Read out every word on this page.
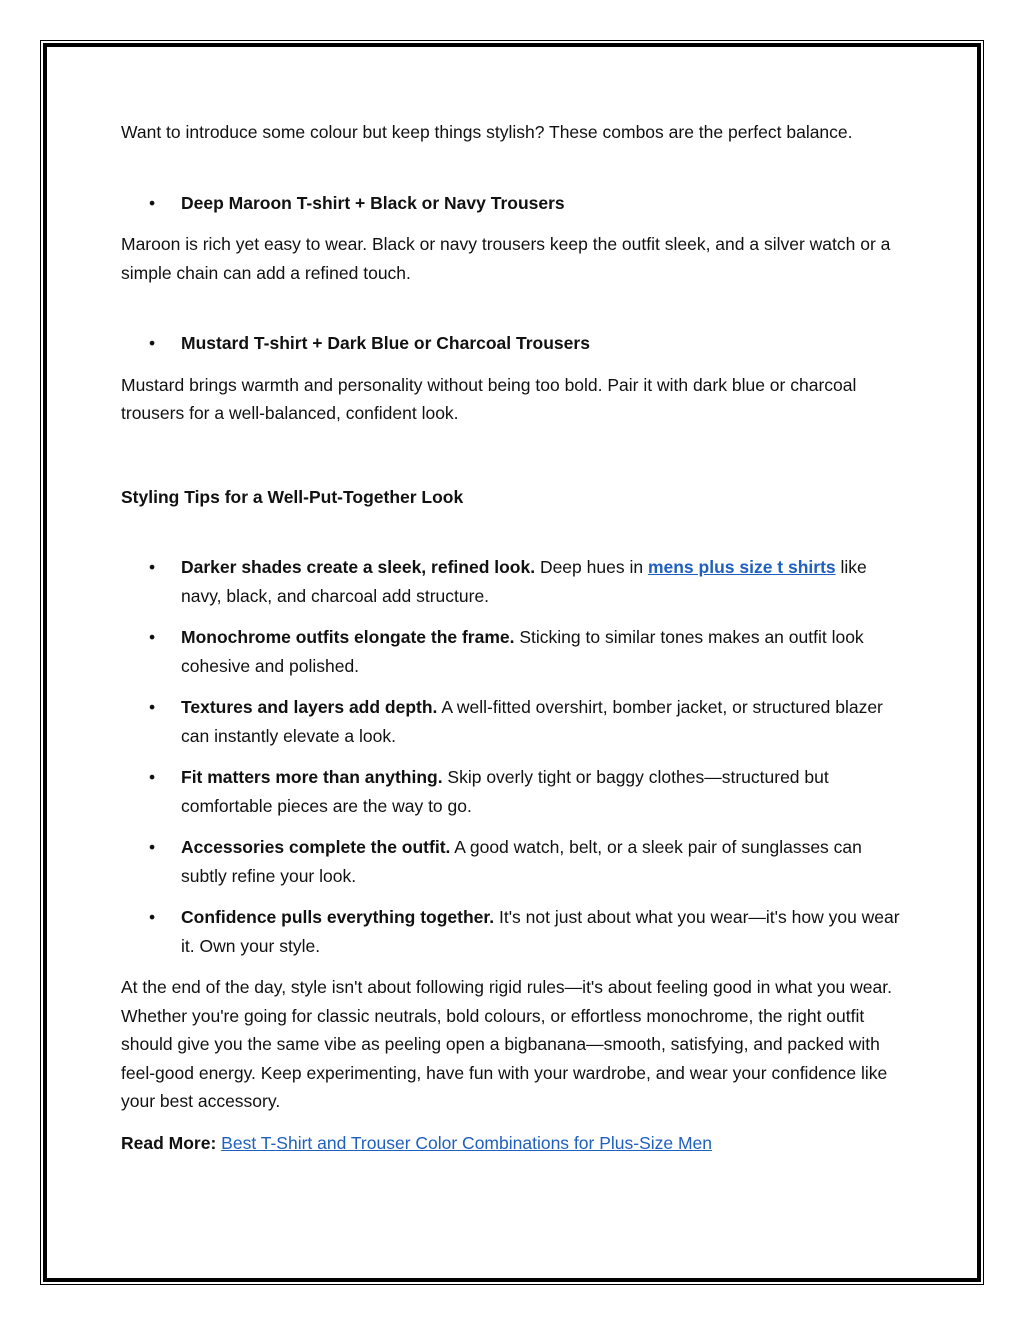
Want to introduce some colour but keep things stylish? These combos are the perfect balance.

• Deep Maroon T-shirt + Black or Navy Trousers

Maroon is rich yet easy to wear. Black or navy trousers keep the outfit sleek, and a silver watch or a simple chain can add a refined touch.

• Mustard T-shirt + Dark Blue or Charcoal Trousers

Mustard brings warmth and personality without being too bold. Pair it with dark blue or charcoal trousers for a well-balanced, confident look.

Styling Tips for a Well-Put-Together Look

• Darker shades create a sleek, refined look. Deep hues in mens plus size t shirts like navy, black, and charcoal add structure.
• Monochrome outfits elongate the frame. Sticking to similar tones makes an outfit look cohesive and polished.
• Textures and layers add depth. A well-fitted overshirt, bomber jacket, or structured blazer can instantly elevate a look.
• Fit matters more than anything. Skip overly tight or baggy clothes—structured but comfortable pieces are the way to go.
• Accessories complete the outfit. A good watch, belt, or a sleek pair of sunglasses can subtly refine your look.
• Confidence pulls everything together. It's not just about what you wear—it's how you wear it. Own your style.

At the end of the day, style isn't about following rigid rules—it's about feeling good in what you wear. Whether you're going for classic neutrals, bold colours, or effortless monochrome, the right outfit should give you the same vibe as peeling open a bigbanana—smooth, satisfying, and packed with feel-good energy. Keep experimenting, have fun with your wardrobe, and wear your confidence like your best accessory.

Read More: Best T-Shirt and Trouser Color Combinations for Plus-Size Men
